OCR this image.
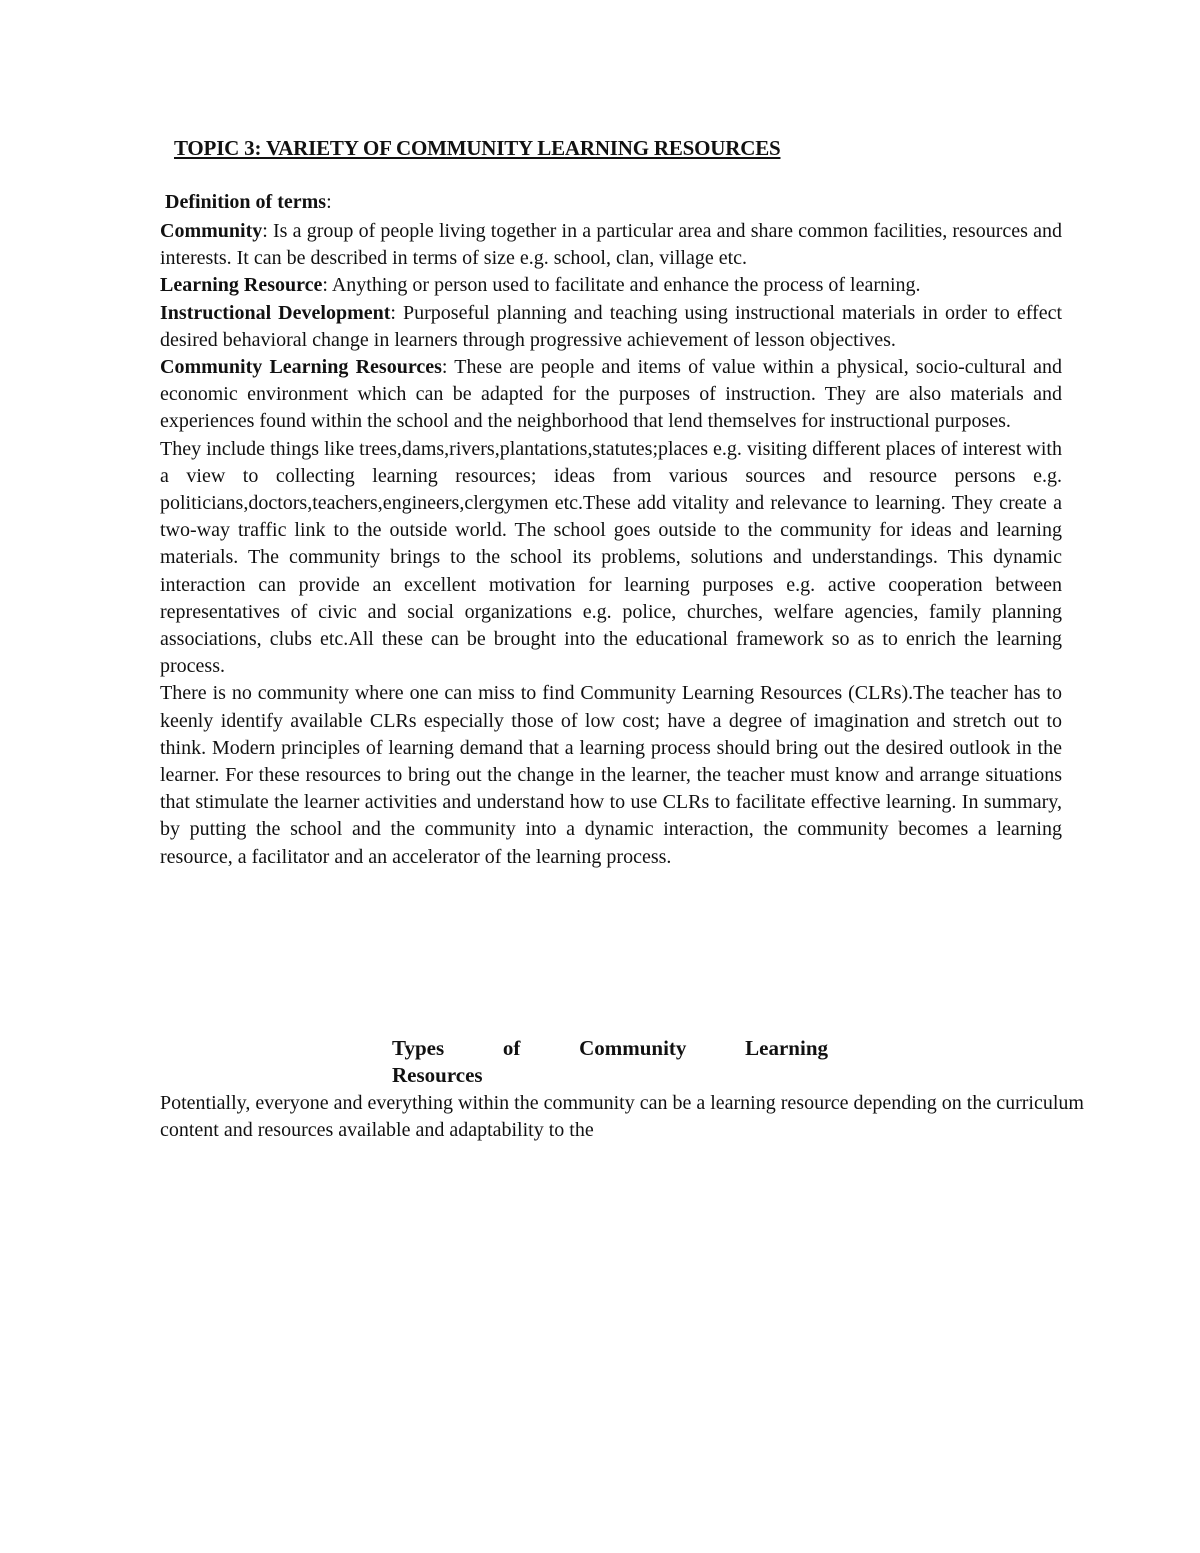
TOPIC 3: VARIETY OF COMMUNITY LEARNING RESOURCES
Definition of terms:

Community: Is a group of people living together in a particular area and share common facilities, resources and interests. It can be described in terms of size e.g. school, clan, village etc.

Learning Resource: Anything or person used to facilitate and enhance the process of learning.

Instructional Development: Purposeful planning and teaching using instructional materials in order to effect desired behavioral change in learners through progressive achievement of lesson objectives.

Community Learning Resources: These are people and items of value within a physical, socio-cultural and economic environment which can be adapted for the purposes of instruction. They are also materials and experiences found within the school and the neighborhood that lend themselves for instructional purposes.

They include things like trees,dams,rivers,plantations,statutes;places e.g. visiting different places of interest with a view to collecting learning resources; ideas from various sources and resource persons e.g. politicians,doctors,teachers,engineers,clergymen etc.These add vitality and relevance to learning. They create a two-way traffic link to the outside world. The school goes outside to the community for ideas and learning materials. The community brings to the school its problems, solutions and understandings. This dynamic interaction can provide an excellent motivation for learning purposes e.g. active cooperation between representatives of civic and social organizations e.g. police, churches, welfare agencies, family planning associations, clubs etc.All these can be brought into the educational framework so as to enrich the learning process.

There is no community where one can miss to find Community Learning Resources (CLRs).The teacher has to keenly identify available CLRs especially those of low cost; have a degree of imagination and stretch out to think. Modern principles of learning demand that a learning process should bring out the desired outlook in the learner. For these resources to bring out the change in the learner, the teacher must know and arrange situations that stimulate the learner activities and understand how to use CLRs to facilitate effective learning. In summary, by putting the school and the community into a dynamic interaction, the community becomes a learning resource, a facilitator and an accelerator of the learning process.

Types of Community Learning
Resources

Potentially, everyone and everything within the community can be a learning resource depending on the curriculum content and resources available and adaptability to the
